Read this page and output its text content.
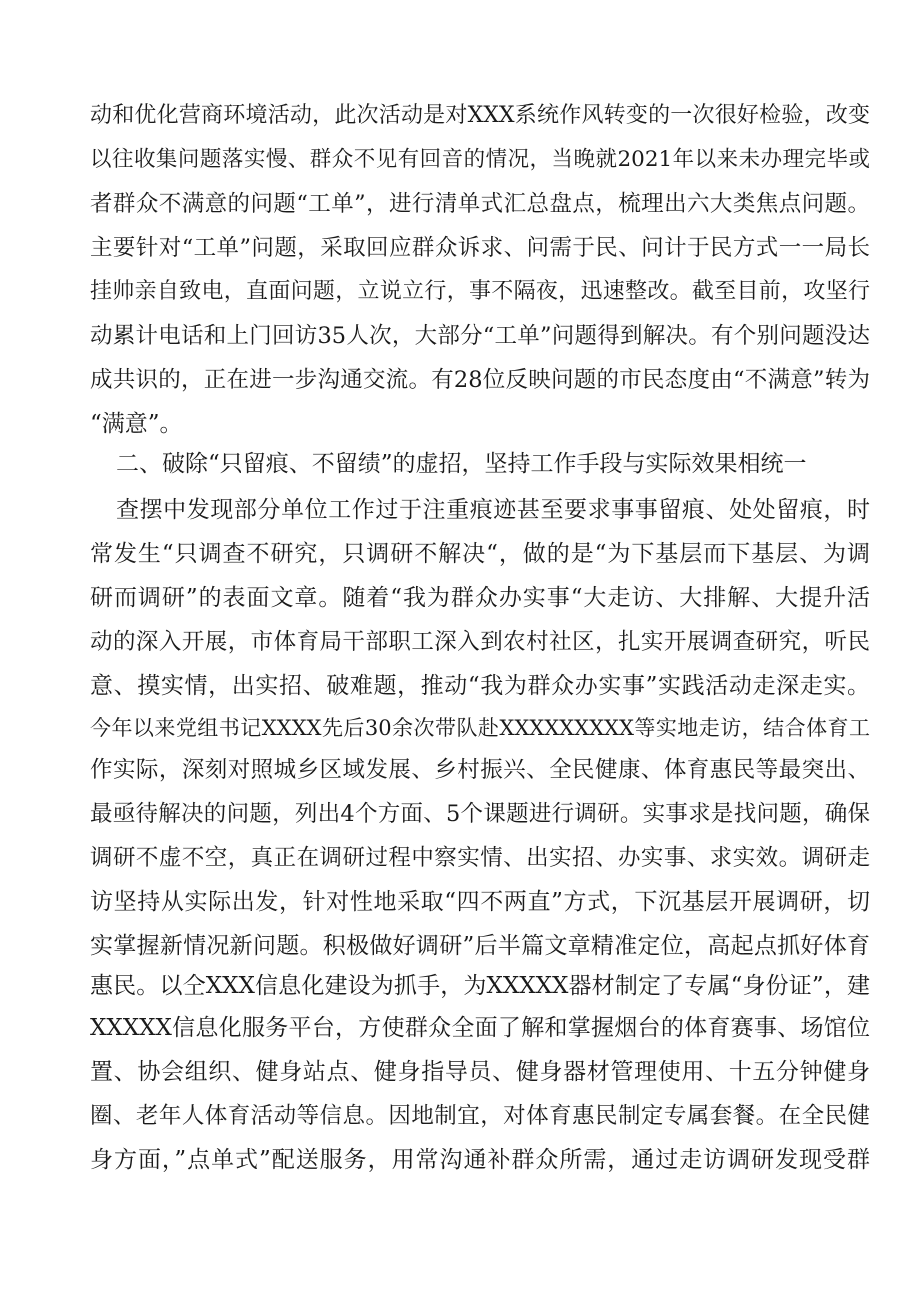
动和优化营商环境活动，此次活动是对XXX系统作风转变的一次很好检验，改变
以往收集问题落实慢、群众不见有回音的情况，当晚就2021年以来未办理完毕或
者群众不满意的问题“工单”，进行清单式汇总盘点，梳理出六大类焦点问题。
主要针对“工单”问题，采取回应群众诉求、问需于民、问计于民方式一一局长
挂帅亲自致电，直面问题，立说立行，事不隔夜，迅速整改。截至目前，攻坚行
动累计电话和上门回访35人次，大部分“工单”问题得到解决。有个别问题没达
成共识的，正在进一步沟通交流。有28位反映问题的市民态度由“不满意”转为
“满意”。
二、破除“只留痕、不留绩”的虚招，坚持工作手段与实际效果相统一
查摆中发现部分单位工作过于注重痕迹甚至要求事事留痕、处处留痕，时
常发生“只调查不研究，只调研不解决“，做的是“为下基层而下基层、为调
研而调研”的表面文章。随着“我为群众办实事“大走访、大排解、大提升活
动的深入开展，市体育局干部职工深入到农村社区，扎实开展调查研究，听民
意、摸实情，出实招、破难题，推动“我为群众办实事”实践活动走深走实。
今年以来党组书记XXXX先后30余次带队赴XXXXXXXXX等实地走访，结合体育工
作实际，深刻对照城乡区域发展、乡村振兴、全民健康、体育惠民等最突出、
最亟待解决的问题，列出4个方面、5个课题进行调研。实事求是找问题，确保
调研不虚不空，真正在调研过程中察实情、出实招、办实事、求实效。调研走
访坚持从实际出发，针对性地采取“四不两直”方式，下沉基层开展调研，切
实掌握新情况新问题。积极做好调研”后半篇文章精准定位，高起点抓好体育
惠民。以仝XXX信息化建设为抓手，为XXXXX器材制定了专属“身份证”，建
XXXXX信息化服务平台，方使群众全面了解和掌握烟台的体育赛事、场馆位
置、协会组织、健身站点、健身指导员、健身器材管理使用、十五分钟健身
圈、老年人体育活动等信息。因地制宜，对体育惠民制定专属套餐。在全民健
身方面，”点单式”配送服务，用常沟通补群众所需，通过走访调研发现受群
